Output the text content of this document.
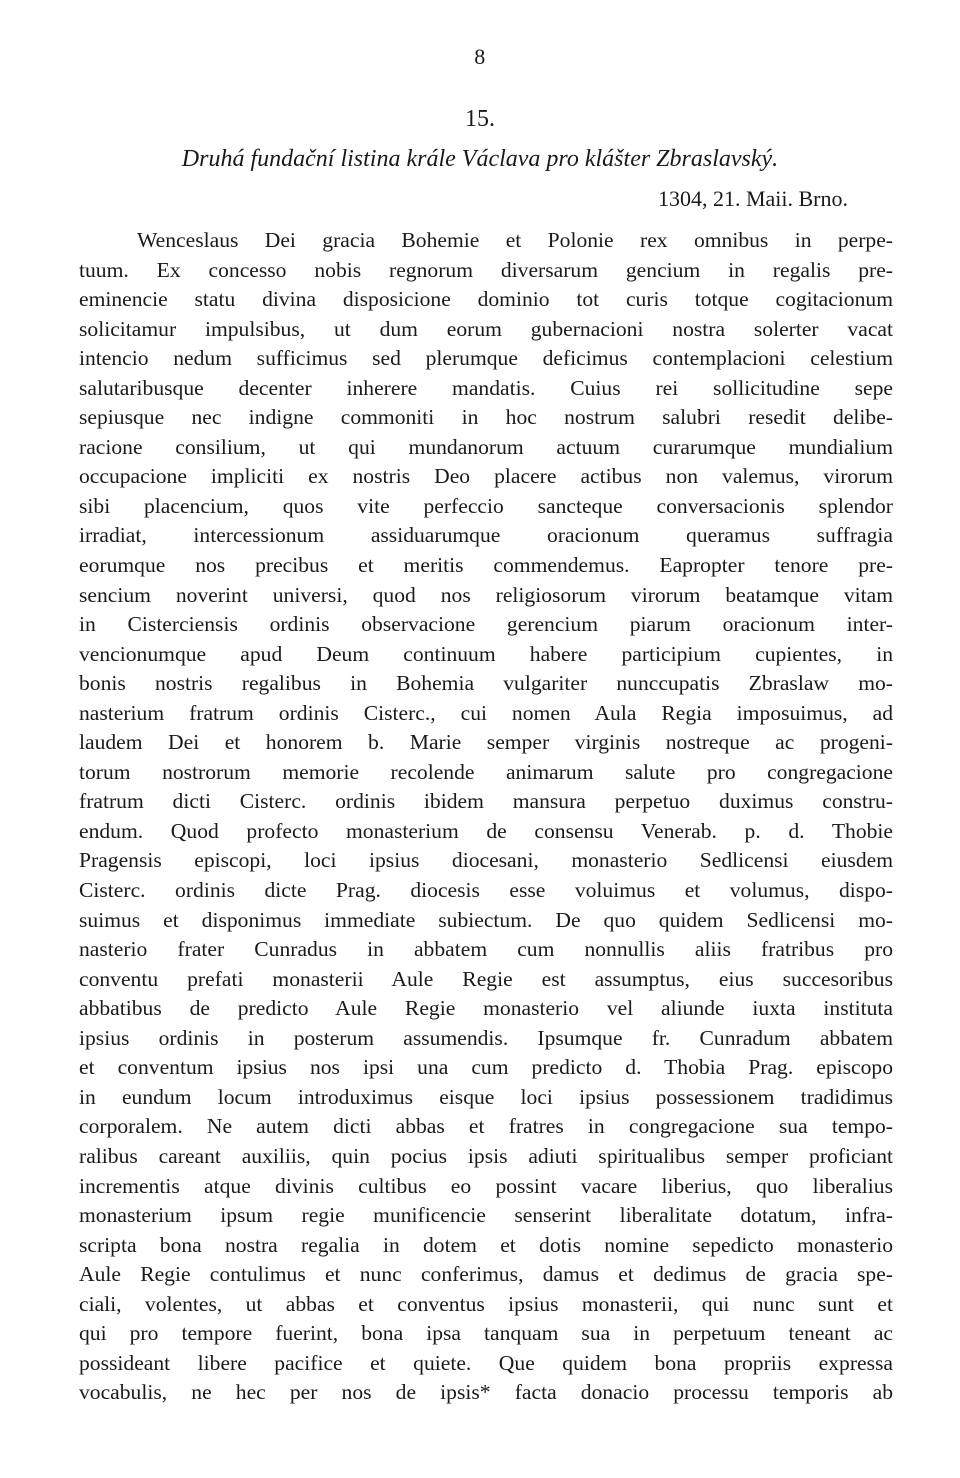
8
15.
Druhá fundační listina krále Václava pro klášter Zbraslavský.
1304, 21. Maii. Brno.
Wenceslaus Dei gracia Bohemie et Polonie rex omnibus in perpe-
tuum. Ex concesso nobis regnorum diversarum gencium in regalis pre-
eminencie statu divina disposicione dominio tot curis totque cogitacionum
solicitamur impulsibus, ut dum eorum gubernacioni nostra solerter vacat
intencio nedum sufficimus sed plerumque deficimus contemplacioni celestium
salutaribusque decenter inherere mandatis. Cuius rei sollicitudine sepe
sepiusque nec indigne commoniti in hoc nostrum salubri resedit delibe-
racione consilium, ut qui mundanorum actuum curarumque mundialium
occupacione impliciti ex nostris Deo placere actibus non valemus, virorum
sibi placencium, quos vite perfeccio sancteque conversacionis splendor
irradiat, intercessionum assiduarumque oracionum queramus suffragia
eorumque nos precibus et meritis commendemus. Eapropter tenore pre-
sencium noverint universi, quod nos religiosorum virorum beatamque vitam
in Cisterciensis ordinis observacione gerencium piarum oracionum inter-
vencionumque apud Deum continuum habere participium cupientes, in
bonis nostris regalibus in Bohemia vulgariter nunccupatis Zbraslaw mo-
nasterium fratrum ordinis Cisterc., cui nomen Aula Regia imposuimus, ad
laudem Dei et honorem b. Marie semper virginis nostreque ac progeni-
torum nostrorum memorie recolende animarum salute pro congregacione
fratrum dicti Cisterc. ordinis ibidem mansura perpetuo duximus constru-
endum. Quod profecto monasterium de consensu Venerab. p. d. Thobie
Pragensis episcopi, loci ipsius diocesani, monasterio Sedlicensi eiusdem
Cisterc. ordinis dicte Prag. diocesis esse voluimus et volumus, dispo-
suimus et disponimus immediate subiectum. De quo quidem Sedlicensi mo-
nasterio frater Cunradus in abbatem cum nonnullis aliis fratribus pro
conventu prefati monasterii Aule Regie est assumptus, eius succesoribus
abbatibus de predicto Aule Regie monasterio vel aliunde iuxta instituta
ipsius ordinis in posterum assumendis. Ipsumque fr. Cunradum abbatem
et conventum ipsius nos ipsi una cum predicto d. Thobia Prag. episcopo
in eundum locum introduximus eisque loci ipsius possessionem tradidimus
corporalem. Ne autem dicti abbas et fratres in congregacione sua tempo-
ralibus careant auxiliis, quin pocius ipsis adiuti spiritualibus semper proficiant
incrementis atque divinis cultibus eo possint vacare liberius, quo liberalius
monasterium ipsum regie munificencie senserint liberalitate dotatum, infra-
scripta bona nostra regalia in dotem et dotis nomine sepedicto monasterio
Aule Regie contulimus et nunc conferimus, damus et dedimus de gracia spe-
ciali, volentes, ut abbas et conventus ipsius monasterii, qui nunc sunt et
qui pro tempore fuerint, bona ipsa tanquam sua in perpetuum teneant ac
possideant libere pacifice et quiete. Que quidem bona propriis expressa
vocabulis, ne hec per nos de ipsis* facta donacio processu temporis ab
